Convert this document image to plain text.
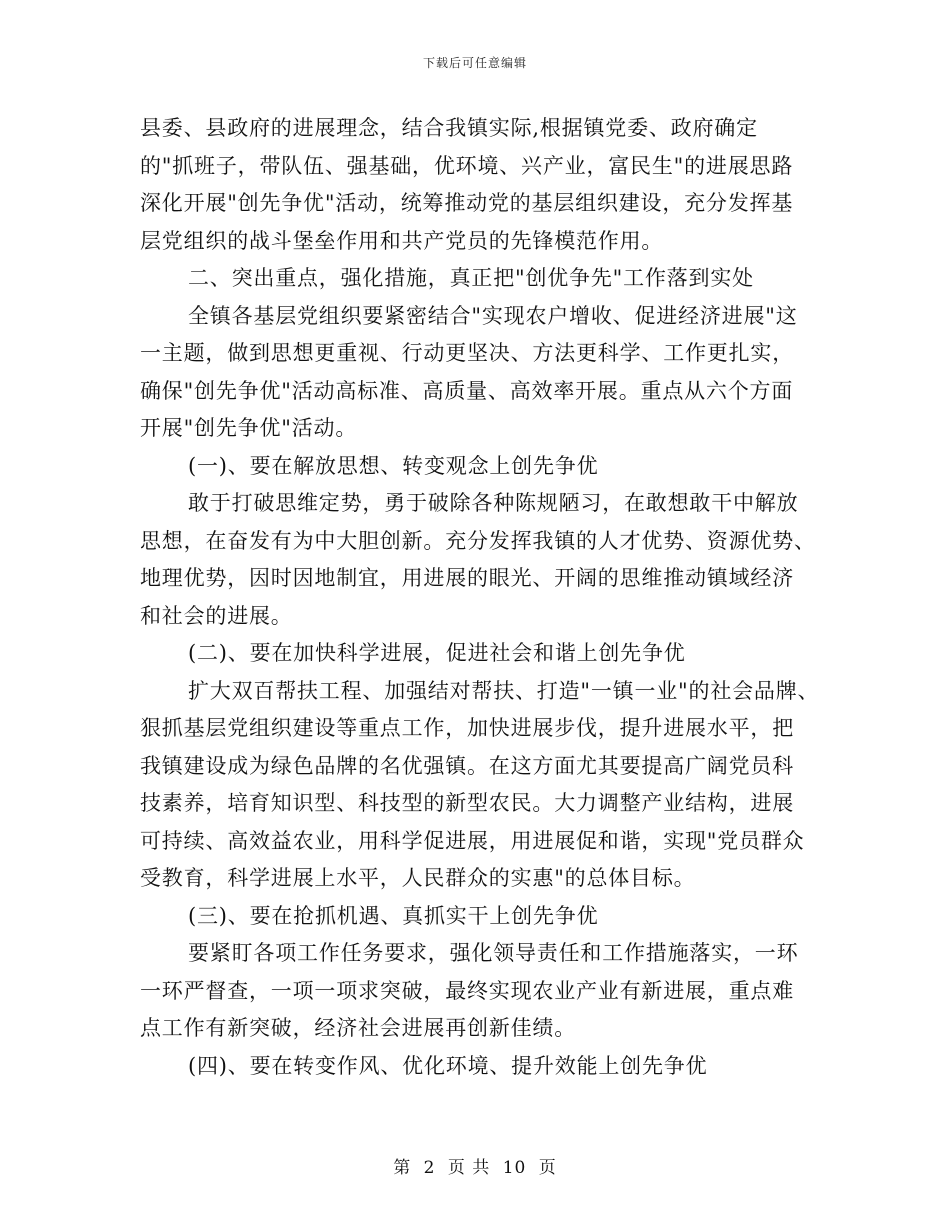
下载后可任意编辑
县委、县政府的进展理念，结合我镇实际,根据镇党委、政府确定
的"抓班子，带队伍、强基础，优环境、兴产业，富民生"的进展思路
深化开展"创先争优"活动，统筹推动党的基层组织建设，充分发挥基
层党组织的战斗堡垒作用和共产党员的先锋模范作用。
二、突出重点，强化措施，真正把"创优争先"工作落到实处
全镇各基层党组织要紧密结合"实现农户增收、促进经济进展"这
一主题，做到思想更重视、行动更坚决、方法更科学、工作更扎实，
确保"创先争优"活动高标准、高质量、高效率开展。重点从六个方面
开展"创先争优"活动。
(一)、要在解放思想、转变观念上创先争优
敢于打破思维定势，勇于破除各种陈规陋习，在敢想敢干中解放
思想，在奋发有为中大胆创新。充分发挥我镇的人才优势、资源优势、
地理优势，因时因地制宜，用进展的眼光、开阔的思维推动镇域经济
和社会的进展。
(二)、要在加快科学进展，促进社会和谐上创先争优
扩大双百帮扶工程、加强结对帮扶、打造"一镇一业"的社会品牌、
狠抓基层党组织建设等重点工作，加快进展步伐，提升进展水平，把
我镇建设成为绿色品牌的名优强镇。在这方面尤其要提高广阔党员科
技素养，培育知识型、科技型的新型农民。大力调整产业结构，进展
可持续、高效益农业，用科学促进展，用进展促和谐，实现"党员群众
受教育，科学进展上水平，人民群众的实惠"的总体目标。
(三)、要在抢抓机遇、真抓实干上创先争优
要紧盯各项工作任务要求，强化领导责任和工作措施落实，一环
一环严督查，一项一项求突破，最终实现农业产业有新进展，重点难
点工作有新突破，经济社会进展再创新佳绩。
(四)、要在转变作风、优化环境、提升效能上创先争优
第 2 页 共 10 页
